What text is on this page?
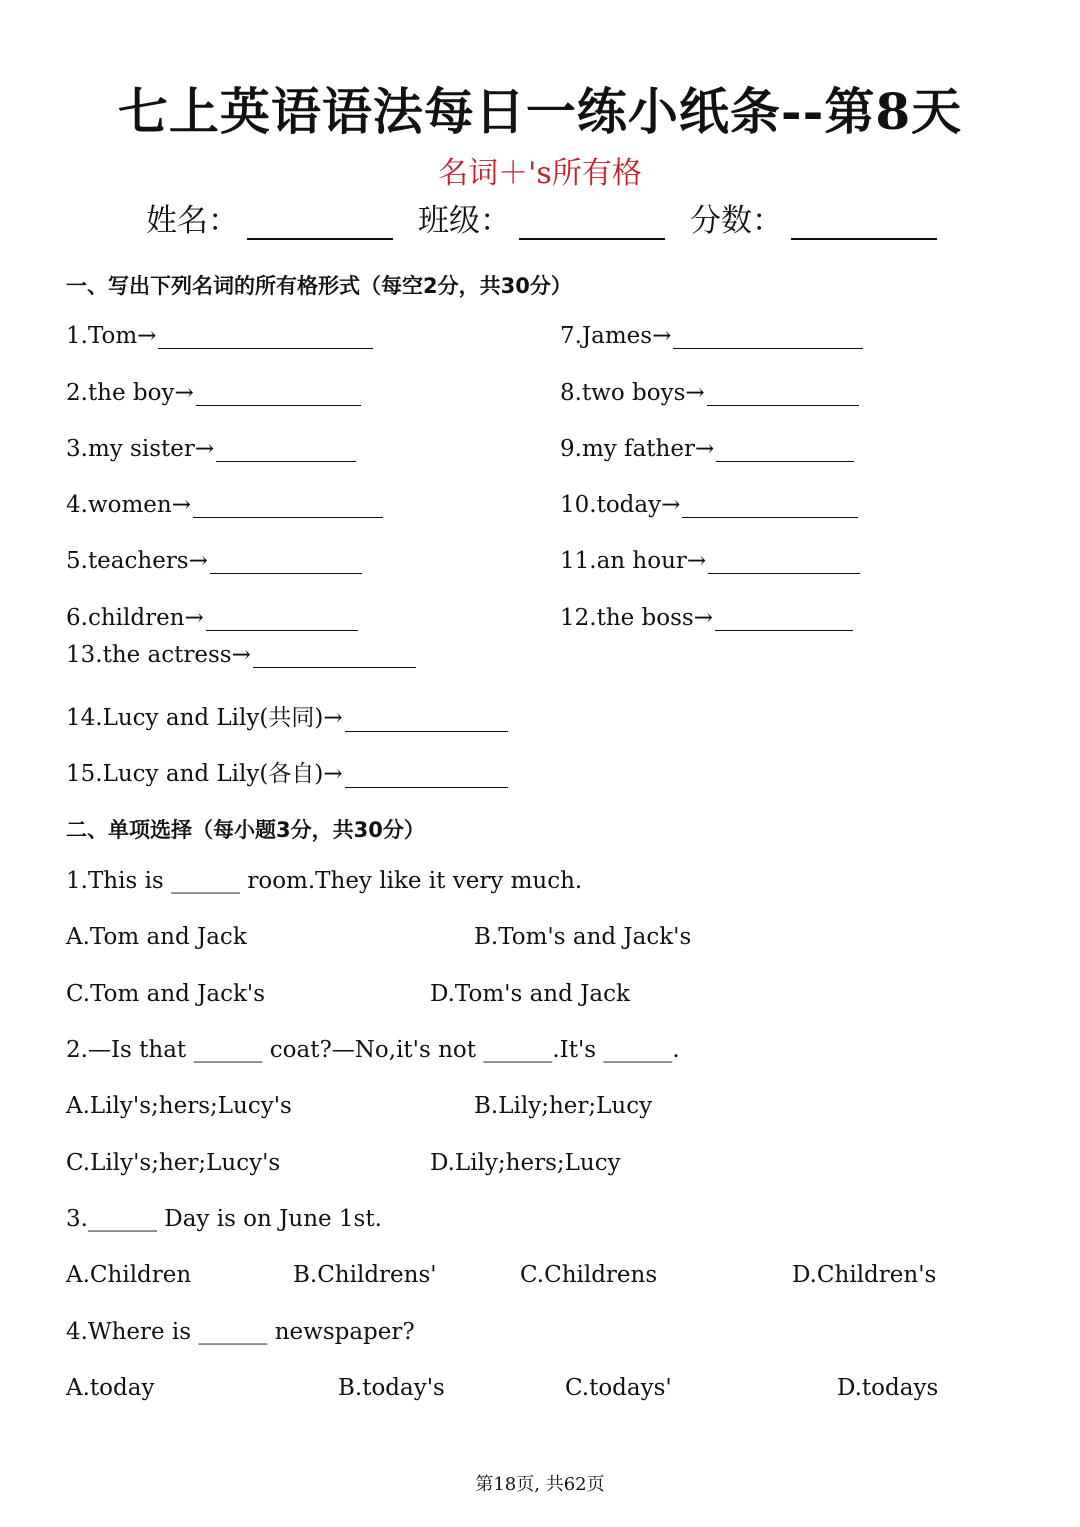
七上英语语法每日一练小纸条--第8天
名词＋'s所有格
姓名：	班级：	分数：
一、写出下列名词的所有格形式（每空2分，共30分）
1.Tom→
2.the boy→
3.my sister→
4.women→
5.teachers→
6.children→
7.James→
8.two boys→
9.my father→
10.today→
11.an hour→
12.the boss→
13.the actress→
14.Lucy and Lily(共同)→
15.Lucy and Lily(各自)→
二、单项选择（每小题3分，共30分）
1.This is ______ room.They like it very much.
A.Tom and Jack	B.Tom's and Jack's
C.Tom and Jack's	D.Tom's and Jack
2.—Is that ______ coat?—No,it's not ______.It's ______.
A.Lily's;hers;Lucy's	B.Lily;her;Lucy
C.Lily's;her;Lucy's	D.Lily;hers;Lucy
3.______ Day is on June 1st.
A.Children	B.Childrens'	C.Childrens	D.Children's
4.Where is ______ newspaper?
A.today	B.today's	C.todays'	D.todays
第18页, 共62页
